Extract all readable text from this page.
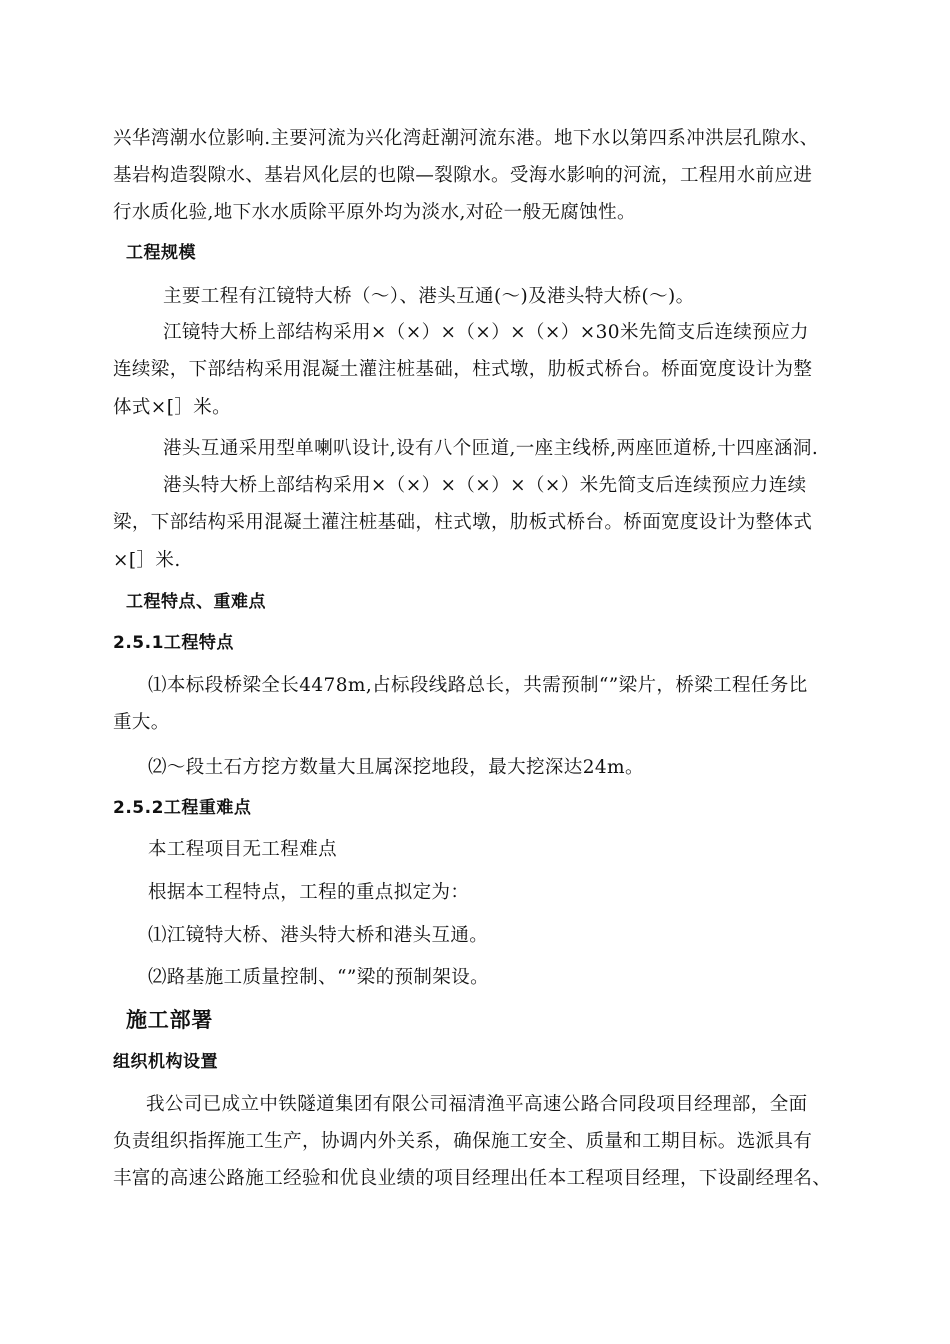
兴华湾潮水位影响.主要河流为兴化湾赶潮河流东港。地下水以第四系冲洪层孔隙水、
基岩构造裂隙水、基岩风化层的也隙—裂隙水。受海水影响的河流，工程用水前应进
行水质化验,地下水水质除平原外均为淡水,对砼一般无腐蚀性。
工程规模
主要工程有江镜特大桥（～）、港头互通(～)及港头特大桥(～)。
江镜特大桥上部结构采用×（×）×（×）×（×）×30米先简支后连续预应力
连续梁，下部结构采用混凝土灌注桩基础，柱式墩，肋板式桥台。桥面宽度设计为整
体式×[］米。
港头互通采用型单喇叭设计,设有八个匝道,一座主线桥,两座匝道桥,十四座涵洞.
港头特大桥上部结构采用×（×）×（×）×（×）米先简支后连续预应力连续
梁，下部结构采用混凝土灌注桩基础，柱式墩，肋板式桥台。桥面宽度设计为整体式
×[］米.
工程特点、重难点
2.5.1工程特点
⑴本标段桥梁全长4478m,占标段线路总长，共需预制“”梁片，桥梁工程任务比
重大。
⑵～段土石方挖方数量大且属深挖地段，最大挖深达24m。
2.5.2工程重难点
本工程项目无工程难点
根据本工程特点，工程的重点拟定为：
⑴江镜特大桥、港头特大桥和港头互通。
⑵路基施工质量控制、“”梁的预制架设。
施工部署
组织机构设置
我公司已成立中铁隧道集团有限公司福清渔平高速公路合同段项目经理部，全面
负责组织指挥施工生产，协调内外关系，确保施工安全、质量和工期目标。选派具有
丰富的高速公路施工经验和优良业绩的项目经理出任本工程项目经理，下设副经理名、
